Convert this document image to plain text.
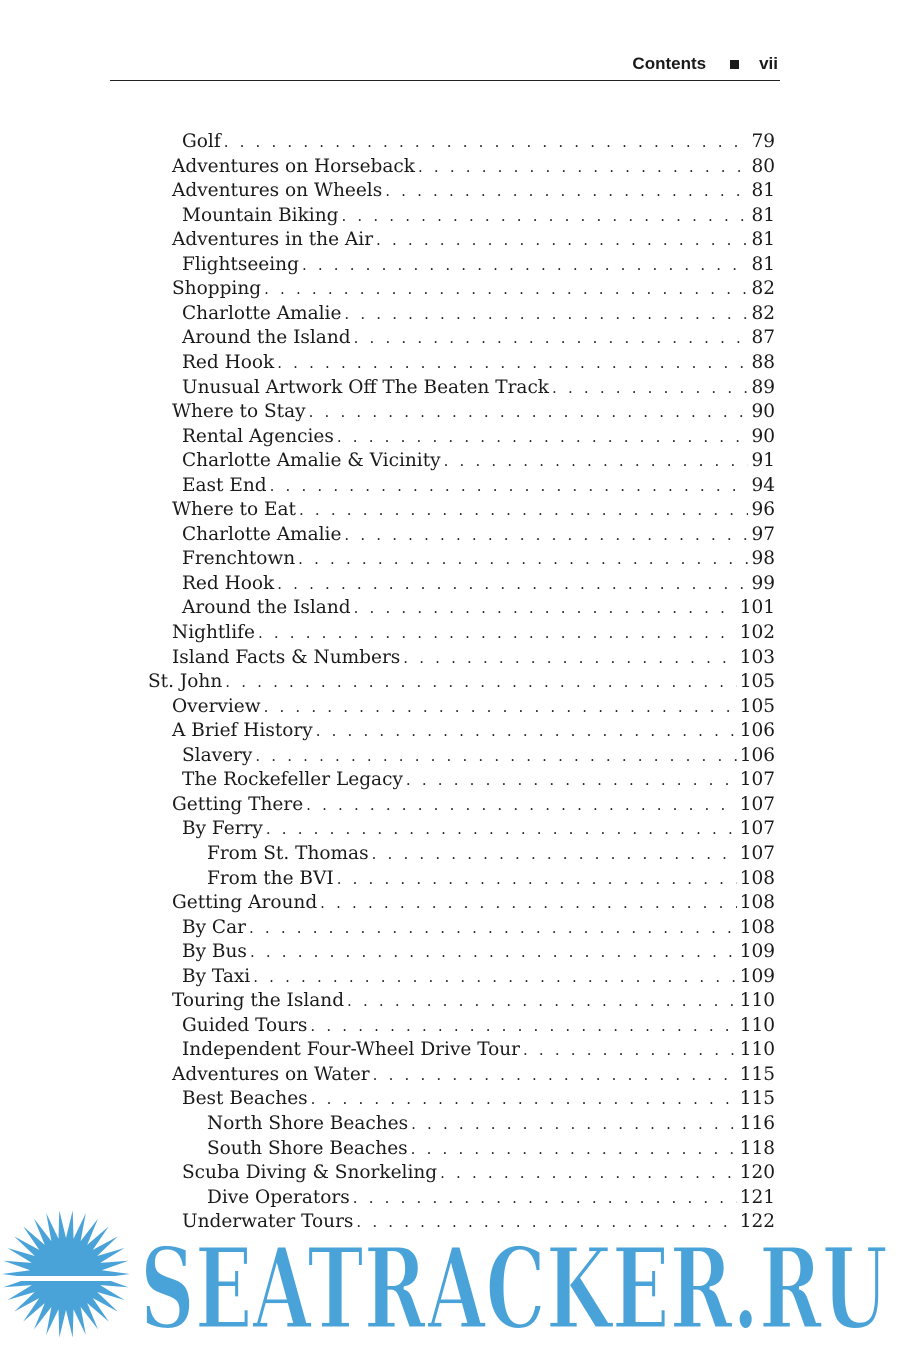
Contents	vii
Golf . . .	79
Adventures on Horseback . . .	80
Adventures on Wheels . . .	81
Mountain Biking . . .	81
Adventures in the Air . . .	81
Flightseeing . . .	81
Shopping . . .	82
Charlotte Amalie . . .	82
Around the Island . . .	87
Red Hook . . .	88
Unusual Artwork Off The Beaten Track . . .	89
Where to Stay . . .	90
Rental Agencies . . .	90
Charlotte Amalie & Vicinity . . .	91
East End . . .	94
Where to Eat . . .	96
Charlotte Amalie . . .	97
Frenchtown . . .	98
Red Hook . . .	99
Around the Island . . .	101
Nightlife . . .	102
Island Facts & Numbers . . .	103
St. John . . .	105
Overview . . .	105
A Brief History . . .	106
Slavery . . .	106
The Rockefeller Legacy . . .	107
Getting There . . .	107
By Ferry . . .	107
From St. Thomas . . .	107
From the BVI . . .	108
Getting Around . . .	108
By Car . . .	108
By Bus . . .	109
By Taxi . . .	109
Touring the Island . . .	110
Guided Tours . . .	110
Independent Four-Wheel Drive Tour . . .	110
Adventures on Water . . .	115
Best Beaches . . .	115
North Shore Beaches . . .	116
South Shore Beaches . . .	118
Scuba Diving & Snorkeling . . .	120
Dive Operators . . .	121
Underwater Tours . . .	122
SEATRACKER.RU
